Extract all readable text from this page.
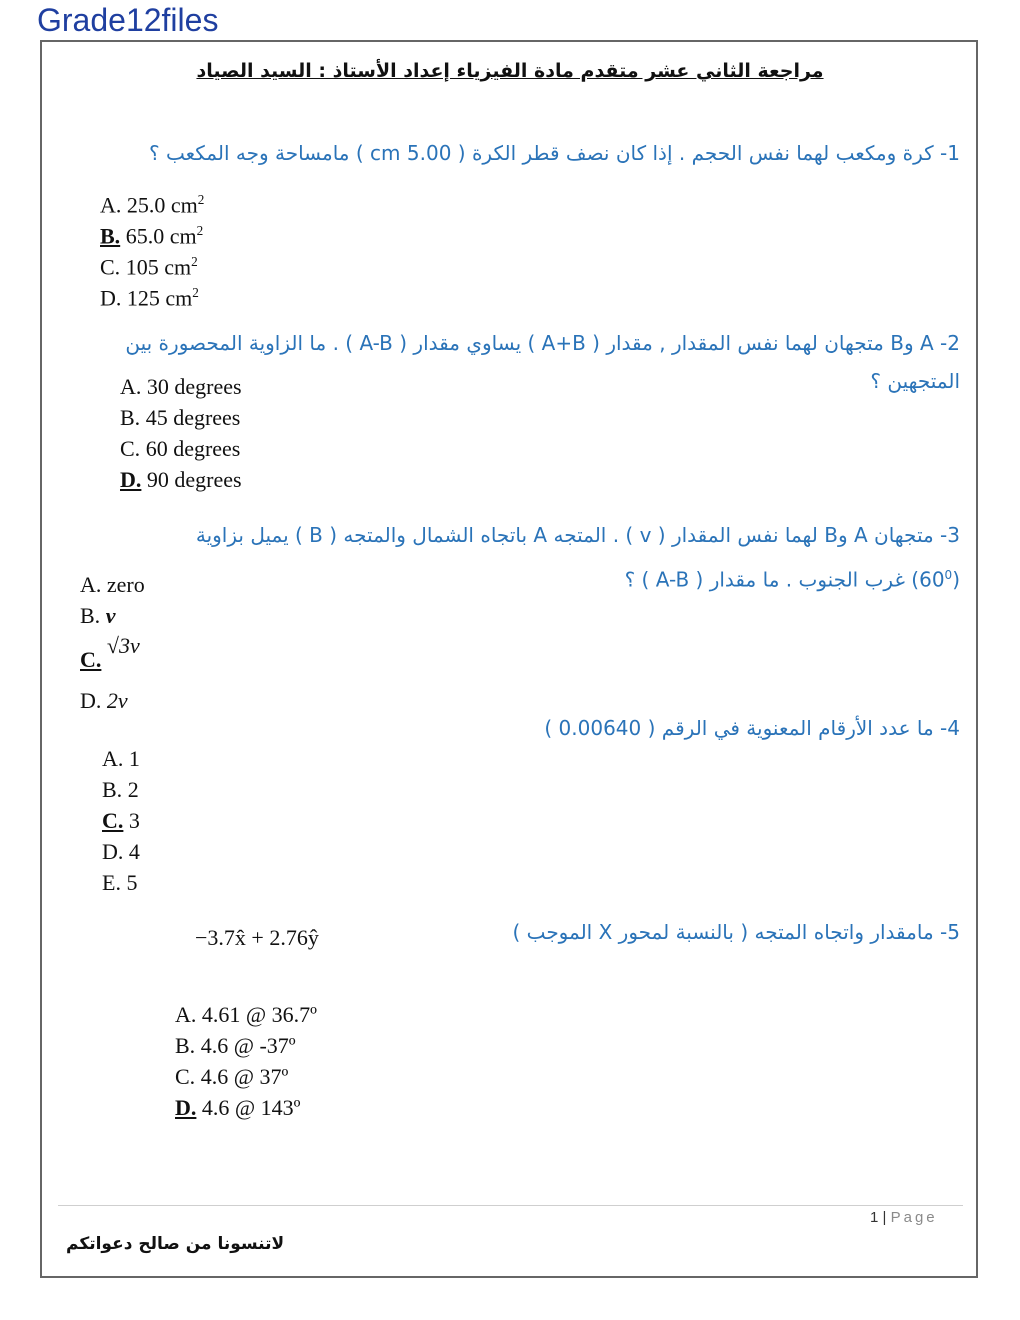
Grade12files
مراجعة الثاني عشر متقدم مادة الفيزياء إعداد الأستاذ : السيد الصياد
1- كرة ومكعب لهما نفس الحجم . إذا كان نصف قطر الكرة ( 5.00 cm ) مامساحة وجه المكعب ؟
A. 25.0 $cm^2$
B. 65.0 $cm^2$
C. 105 $cm^2$
D. 125 $cm^2$
2- A وB متجهان لهما نفس المقدار , مقدار ( A+B ) يساوي مقدار ( A-B ) . ما الزاوية المحصورة بين المتجهين ؟
A. 30 degrees
B. 45 degrees
C. 60 degrees
D. 90 degrees
3- متجهان A وB لهما نفس المقدار ( v ) . المتجه A باتجاه الشمال والمتجه ( B ) يميل بزاوية
$(60^0)$ غرب الجنوب . ما مقدار ( A-B ) ؟
A. zero
B. v
C. √3v
D. 2v
4- ما عدد الأرقام المعنوية في الرقم ( 0.00640 )
A. 1
B. 2
C. 3
D. 4
E. 5
5- مامقدار واتجاه المتجه ( بالنسبة لمحور X الموجب )
−3.7x̂ + 2.76ŷ
A. 4.61 @ 36.7º
B. 4.6 @ -37º
C. 4.6 @ 37º
D. 4.6 @ 143º
1 | Page
لاتنسونا من صالح دعواتكم
